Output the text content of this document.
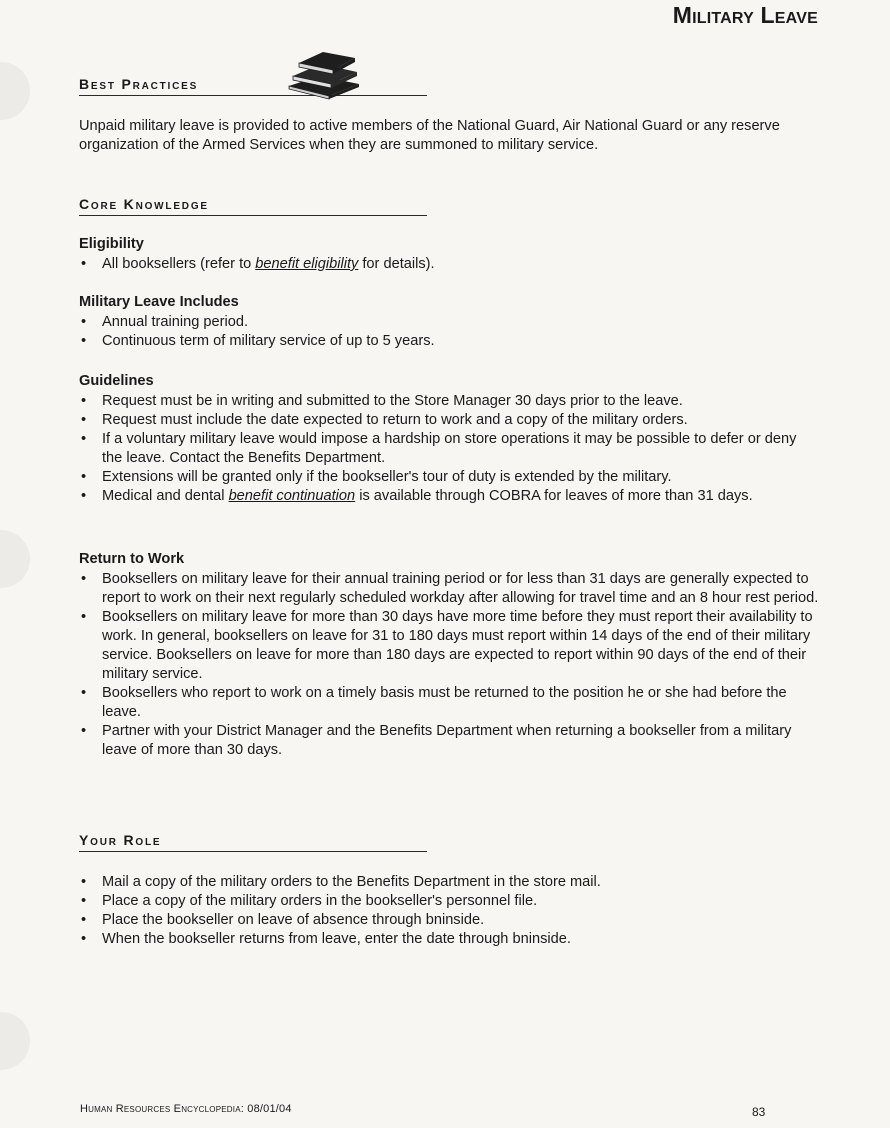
Military Leave
Best Practices
Unpaid military leave is provided to active members of the National Guard, Air National Guard or any reserve organization of the Armed Services when they are summoned to military service.
Core Knowledge
Eligibility
• All booksellers (refer to benefit eligibility for details).
Military Leave Includes
• Annual training period.
• Continuous term of military service of up to 5 years.
Guidelines
• Request must be in writing and submitted to the Store Manager 30 days prior to the leave.
• Request must include the date expected to return to work and a copy of the military orders.
• If a voluntary military leave would impose a hardship on store operations it may be possible to defer or deny the leave. Contact the Benefits Department.
• Extensions will be granted only if the bookseller's tour of duty is extended by the military.
• Medical and dental benefit continuation is available through COBRA for leaves of more than 31 days.
Return to Work
• Booksellers on military leave for their annual training period or for less than 31 days are generally expected to report to work on their next regularly scheduled workday after allowing for travel time and an 8 hour rest period.
• Booksellers on military leave for more than 30 days have more time before they must report their availability to work. In general, booksellers on leave for 31 to 180 days must report within 14 days of the end of their military service. Booksellers on leave for more than 180 days are expected to report within 90 days of the end of their military service.
• Booksellers who report to work on a timely basis must be returned to the position he or she had before the leave.
• Partner with your District Manager and the Benefits Department when returning a bookseller from a military leave of more than 30 days.
Your Role
• Mail a copy of the military orders to the Benefits Department in the store mail.
• Place a copy of the military orders in the bookseller's personnel file.
• Place the bookseller on leave of absence through bninside.
• When the bookseller returns from leave, enter the date through bninside.
Human Resources Encyclopedia: 08/01/04	83
